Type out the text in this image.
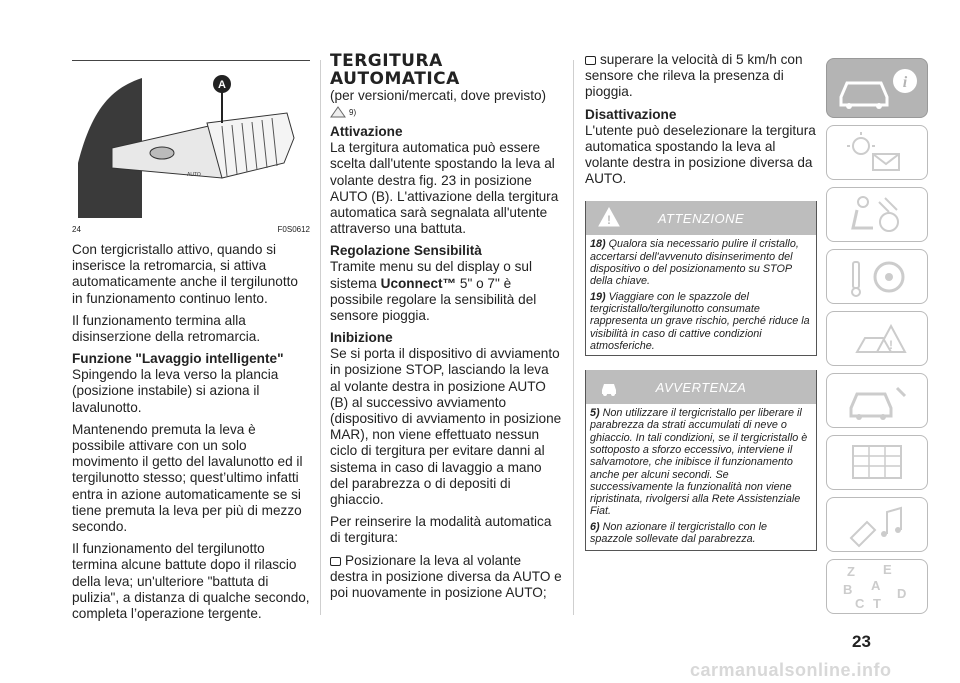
A
AUTO
24	F0S0612

Con tergicristallo attivo, quando si inserisce la retromarcia, si attiva automaticamente anche il tergilunotto in funzionamento continuo lento.

Il funzionamento termina alla disinserzione della retromarcia.

Funzione "Lavaggio intelligente"

Spingendo la leva verso la plancia (posizione instabile) si aziona il lavalunotto.

Mantenendo premuta la leva è possibile attivare con un solo movimento il getto del lavalunotto ed il tergilunotto stesso; quest’ultimo infatti entra in azione automaticamente se si tiene premuta la leva per più di mezzo secondo.

Il funzionamento del tergilunotto termina alcune battute dopo il rilascio della leva; un'ulteriore "battuta di pulizia", a distanza di qualche secondo, completa l’operazione tergente.

TERGITURA AUTOMATICA

(per versioni/mercati, dove previsto)

9)
Attivazione

La tergitura automatica può essere scelta dall'utente spostando la leva al volante destra fig. 23 in posizione AUTO (B). L'attivazione della tergitura automatica sarà segnalata all'utente attraverso una battuta.

Regolazione Sensibilità

Tramite menu su del display o sul sistema Uconnect™ 5" o 7" è possibile regolare la sensibilità del sensore pioggia.

Inibizione

Se si porta il dispositivo di avviamento in posizione STOP, lasciando la leva al volante destra in posizione AUTO (B) al successivo avviamento (dispositivo di avviamento in posizione MAR), non viene effettuato nessun ciclo di tergitura per evitare danni al sistema in caso di lavaggio a mano del parabrezza o di depositi di ghiaccio.

Per reinserire la modalità automatica di tergitura:

Posizionare la leva al volante destra in posizione diversa da AUTO e poi nuovamente in posizione AUTO;

superare la velocità di 5 km/h con sensore che rileva la presenza di pioggia.

Disattivazione

L'utente può deselezionare la tergitura automatica spostando la leva al volante destra in posizione diversa da AUTO.

!	ATTENZIONE
18) Qualora sia necessario pulire il cristallo, accertarsi dell'avvenuto disinserimento del dispositivo o del posizionamento su STOP della chiave.
19) Viaggiare con le spazzole del tergicristallo/tergilunotto consumate rappresenta un grave rischio, perché riduce la visibilità in caso di cattive condizioni atmosferiche.
AVVERTENZA
5) Non utilizzare il tergicristallo per liberare il parabrezza da strati accumulati di neve o ghiaccio. In tali condizioni, se il tergicristallo è sottoposto a sforzo eccessivo, interviene il salvamotore, che inibisce il funzionamento anche per alcuni secondi. Se successivamente la funzionalità non viene ripristinata, rivolgersi alla Rete Assistenziale Fiat.
6) Non azionare il tergicristallo con le spazzole sollevate dal parabrezza.
i
!
Z E
B A
C T
D
23
carmanualsonline.info
